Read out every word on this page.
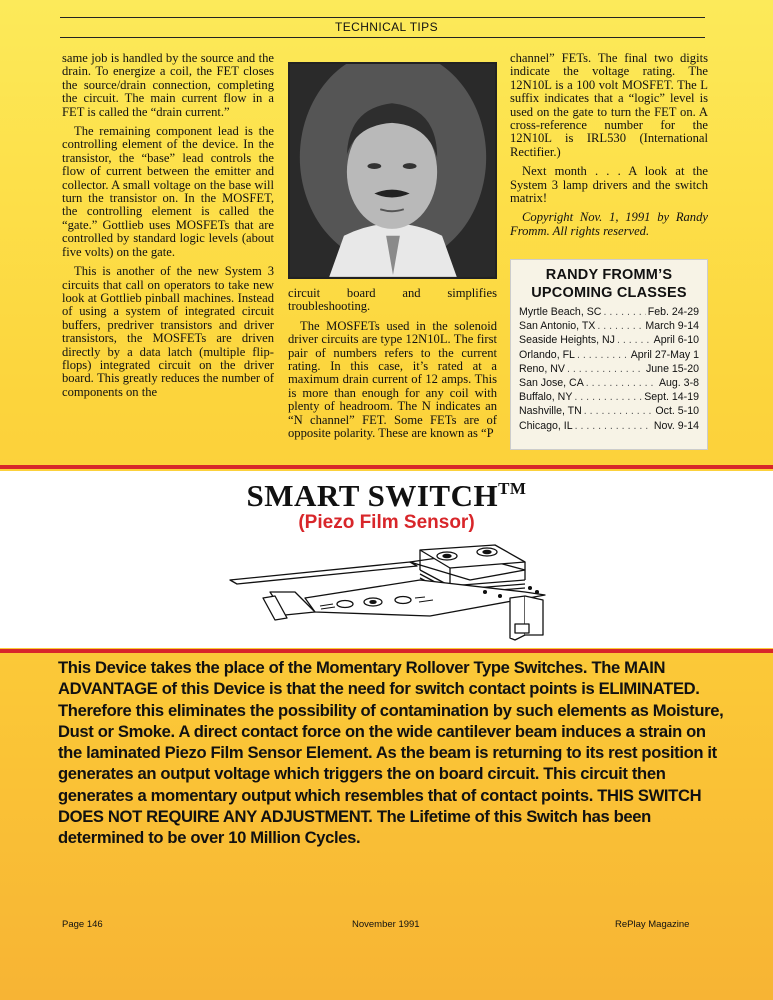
TECHNICAL TIPS

same job is handled by the source and the drain. To energize a coil, the FET closes the source/drain connection, completing the circuit. The main current flow in a FET is called the “drain current.”

The remaining component lead is the controlling element of the device. In the transistor, the “base” lead controls the flow of current between the emitter and collector. A small voltage on the base will turn the transistor on. In the MOSFET, the controlling element is called the “gate.” Gottlieb uses MOSFETs that are controlled by standard logic levels (about five volts) on the gate.

This is another of the new System 3 circuits that call on operators to take new look at Gottlieb pinball machines. Instead of using a system of integrated circuit buffers, predriver transistors and driver transistors, the MOSFETs are driven directly by a data latch (multiple flip-flops) integrated circuit on the driver board. This greatly reduces the number of components on the

circuit board and simplifies troubleshooting.

The MOSFETs used in the solenoid driver circuits are type 12N10L. The first pair of numbers refers to the current rating. In this case, it’s rated at a maximum drain current of 12 amps. This is more than enough for any coil with plenty of headroom. The N indicates an “N channel” FET. Some FETs are of opposite polarity. These are known as “P

channel” FETs. The final two digits indicate the voltage rating. The 12N10L is a 100 volt MOSFET. The L suffix indicates that a “logic” level is used on the gate to turn the FET on. A cross-reference number for the 12N10L is IRL530 (International Rectifier.)

Next month . . . A look at the System 3 lamp drivers and the switch matrix!

Copyright Nov. 1, 1991 by Randy Fromm. All rights reserved.

RANDY FROMM’S
UPCOMING CLASSES
Myrtle Beach, SC . . .	Feb. 24-29
San Antonio, TX . . .	March 9-14
Seaside Heights, NJ . . .	April 6-10
Orlando, FL . . .	April 27-May 1
Reno, NV . . .	June 15-20
San Jose, CA . . .	Aug. 3-8
Buffalo, NY . . .	Sept. 14-19
Nashville, TN . . .	Oct. 5-10
Chicago, IL . . .	Nov. 9-14
SMART SWITCH™
(Piezo Film Sensor)
This Device takes the place of the Momentary Rollover Type Switches. The MAIN ADVANTAGE of this Device is that the need for switch contact points is ELIMINATED. Therefore this eliminates the possibility of contamination by such elements as Moisture, Dust or Smoke. A direct contact force on the wide cantilever beam induces a strain on the laminated Piezo Film Sensor Element. As the beam is returning to its rest position it generates an output voltage which triggers the on board circuit. This circuit then generates a momentary output which resembles that of contact points. THIS SWITCH DOES NOT REQUIRE ANY ADJUSTMENT. The Lifetime of this Switch has been determined to be over 10 Million Cycles.
Page 146	November 1991	RePlay Magazine
